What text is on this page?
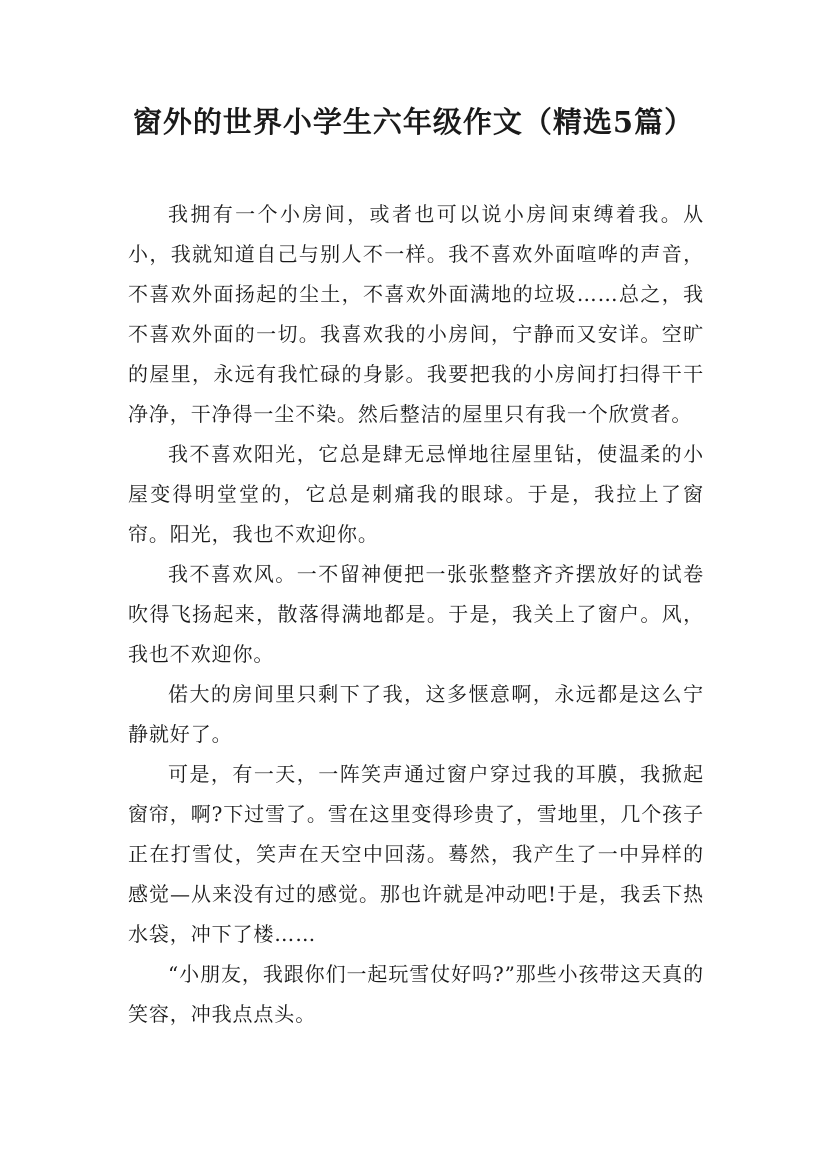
窗外的世界小学生六年级作文（精选5篇）

我拥有一个小房间，或者也可以说小房间束缚着我。从小，我就知道自己与别人不一样。我不喜欢外面喧哗的声音，不喜欢外面扬起的尘土，不喜欢外面满地的垃圾……总之，我不喜欢外面的一切。我喜欢我的小房间，宁静而又安详。空旷的屋里，永远有我忙碌的身影。我要把我的小房间打扫得干干净净，干净得一尘不染。然后整洁的屋里只有我一个欣赏者。

我不喜欢阳光，它总是肆无忌惮地往屋里钻，使温柔的小屋变得明堂堂的，它总是刺痛我的眼球。于是，我拉上了窗帘。阳光，我也不欢迎你。

我不喜欢风。一不留神便把一张张整整齐齐摆放好的试卷吹得飞扬起来，散落得满地都是。于是，我关上了窗户。风，我也不欢迎你。

偌大的房间里只剩下了我，这多惬意啊，永远都是这么宁静就好了。

可是，有一天，一阵笑声通过窗户穿过我的耳膜，我掀起窗帘，啊?下过雪了。雪在这里变得珍贵了，雪地里，几个孩子正在打雪仗，笑声在天空中回荡。蓦然，我产生了一中异样的感觉—从来没有过的感觉。那也许就是冲动吧!于是，我丢下热水袋，冲下了楼……

“小朋友，我跟你们一起玩雪仗好吗?”那些小孩带这天真的笑容，冲我点点头。
